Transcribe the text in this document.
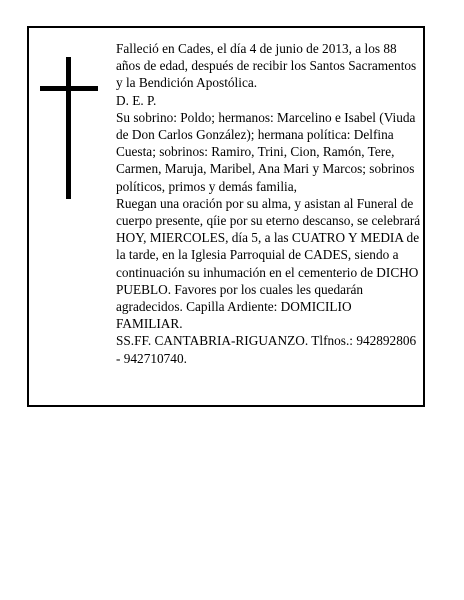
Falleció en Cades, el día 4 de junio de 2013, a los 88 años de edad, después de recibir los Santos Sacramentos y la Bendición Apostólica.

D. E. P.

Su sobrino: Poldo; hermanos: Marcelino e Isabel (Viuda de Don Carlos González); hermana política: Delfina Cuesta; sobrinos: Ramiro, Trini, Cion, Ramón, Tere, Carmen, Maruja, Maribel, Ana Mari y Marcos; sobrinos políticos, primos y demás familia,

Ruegan una oración por su alma, y asistan al Funeral de cuerpo presente, qíie por su eterno descanso, se celebrará HOY, MIERCOLES, día 5, a las CUATRO Y MEDIA de la tarde, en la Iglesia Parroquial de CADES, siendo a continuación su inhumación en el cementerio de DICHO PUEBLO. Favores por los cuales les quedarán agradecidos. Capilla Ardiente: DOMICILIO FAMILIAR.

SS.FF. CANTABRIA-RIGUANZO. Tlfnos.: 942892806 - 942710740.
